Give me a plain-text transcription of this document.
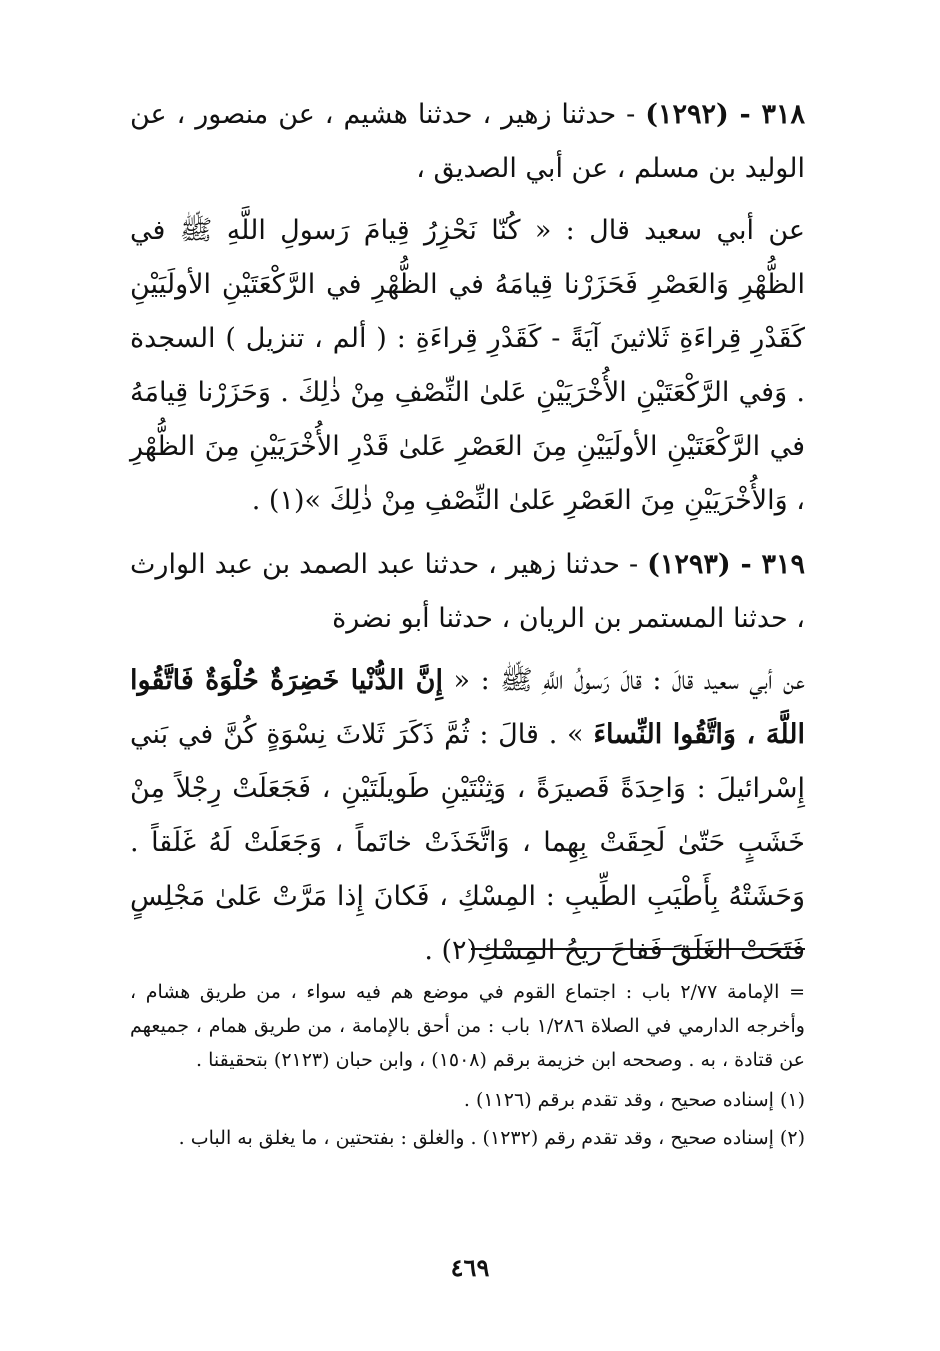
٣١٨ - (١٢٩٢) - حدثنا زهير ، حدثنا هشيم ، عن منصور ، عن الوليد بن مسلم ، عن أبي الصديق ،

عن أبي سعيد قال : « كُنّا نَحْزِرُ قِيامَ رَسولِ اللَّهِ ﷺ في الظُّهْرِ وَالعَصْرِ فَحَزَرْنا قِيامَهُ في الظُّهْرِ في الرَّكْعَتَيْنِ الأولَيَيْنِ كَقَدْرِ قِراءَةِ ثَلاثينَ آيَةً - كَقَدْرِ قِراءَةِ : ( ألم ، تنزيل ) السجدة . وَفي الرَّكْعَتَيْنِ الأُخْرَيَيْنِ عَلىٰ النِّصْفِ مِنْ ذٰلِكَ . وَحَزَرْنا قِيامَهُ في الرَّكْعَتَيْنِ الأولَيَيْنِ مِنَ العَصْرِ عَلىٰ قَدْرِ الأُخْرَيَيْنِ مِنَ الظُّهْرِ ، وَالأُخْرَيَيْنِ مِنَ العَصْرِ عَلىٰ النِّصْفِ مِنْ ذٰلِكَ »(١) .

٣١٩ - (١٢٩٣) - حدثنا زهير ، حدثنا عبد الصمد بن عبد الوارث ، حدثنا المستمر بن الريان ، حدثنا أبو نضرة

عن أبي سعيد قالَ : قالَ رَسولُ اللَّهِ ﷺ : « إِنَّ الدُّنْيا خَضِرَةٌ حُلْوَةٌ فَاتَّقُوا اللَّهَ ، وَاتَّقُوا النِّساءَ » . قالَ : ثُمَّ ذَكَرَ ثَلاثَ نِسْوَةٍ كُنَّ في بَني إِسْرائيلَ : وَاحِدَةً قَصيرَةً ، وَثِنْتَيْنِ طَويلَتَيْنِ ، فَجَعَلَتْ رِجْلاً مِنْ خَشَبٍ حَتّىٰ لَحِقَتْ بِهِما ، وَاتَّخَذَتْ خاتَماً ، وَجَعَلَتْ لَهُ غَلَقاً . وَحَشَتْهُ بِأَطْيَبِ الطِّيبِ : المِسْكِ ، فَكانَ إِذا مَرَّتْ عَلىٰ مَجْلِسٍ فَتَحَتْ الغَلَقَ فَفاحَ ريحُ المِسْكِ(٢) .

= الإمامة ٢/٧٧ باب : اجتماع القوم في موضع هم فيه سواء ، من طريق هشام ، وأخرجه الدارمي في الصلاة ١/٢٨٦ باب : من أحق بالإمامة ، من طريق همام ، جميعهم عن قتادة ، به . وصححه ابن خزيمة برقم (١٥٠٨) ، وابن حبان (٢١٢٣) بتحقيقنا .

(١) إسناده صحيح ، وقد تقدم برقم (١١٢٦) .

(٢) إسناده صحيح ، وقد تقدم رقم (١٢٣٢) . والغلق : بفتحتين ، ما يغلق به الباب .

٤٦٩
